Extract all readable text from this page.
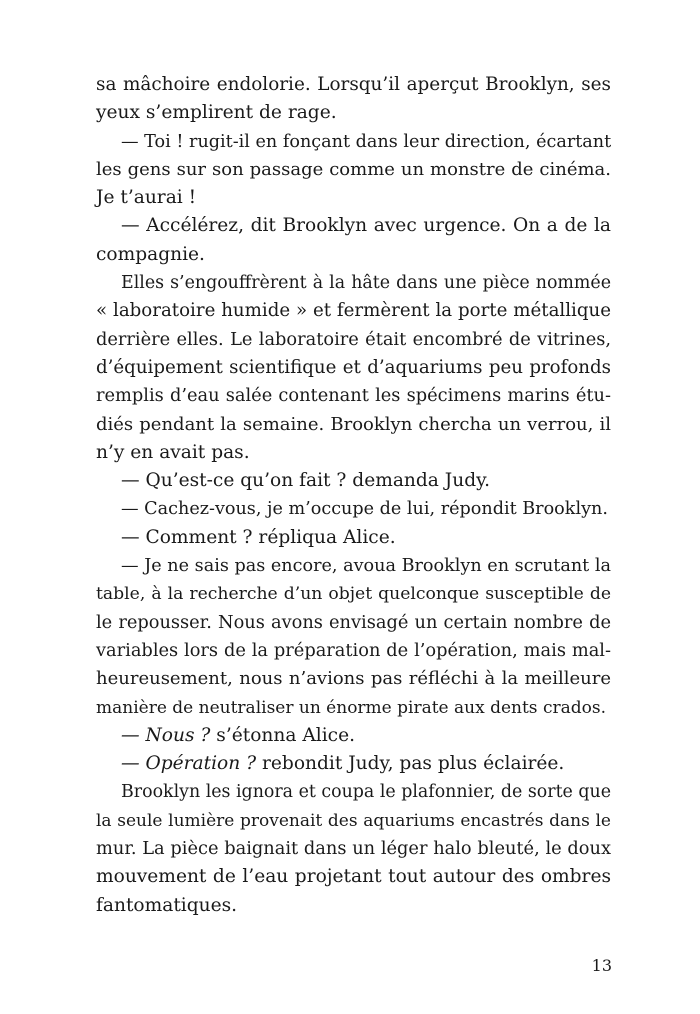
sa mâchoire endolorie. Lorsqu’il aperçut Brooklyn, ses
yeux s’emplirent de rage.
— Toi ! rugit-il en fonçant dans leur direction, écartant
les gens sur son passage comme un monstre de cinéma.
Je t’aurai !
— Accélérez, dit Brooklyn avec urgence. On a de la
compagnie.
Elles s’engouffrèrent à la hâte dans une pièce nommée
« laboratoire humide » et fermèrent la porte métallique
derrière elles. Le laboratoire était encombré de vitrines,
d’équipement scientifique et d’aquariums peu profonds
remplis d’eau salée contenant les spécimens marins étu-
diés pendant la semaine. Brooklyn chercha un verrou, il
n’y en avait pas.
— Qu’est-ce qu’on fait ? demanda Judy.
— Cachez-vous, je m’occupe de lui, répondit Brooklyn.
— Comment ? répliqua Alice.
— Je ne sais pas encore, avoua Brooklyn en scrutant la
table, à la recherche d’un objet quelconque susceptible de
le repousser. Nous avons envisagé un certain nombre de
variables lors de la préparation de l’opération, mais mal-
heureusement, nous n’avions pas réfléchi à la meilleure
manière de neutraliser un énorme pirate aux dents crados.
— Nous ? s’étonna Alice.
— Opération ? rebondit Judy, pas plus éclairée.
Brooklyn les ignora et coupa le plafonnier, de sorte que
la seule lumière provenait des aquariums encastrés dans le
mur. La pièce baignait dans un léger halo bleuté, le doux
mouvement de l’eau projetant tout autour des ombres
fantomatiques.
13
